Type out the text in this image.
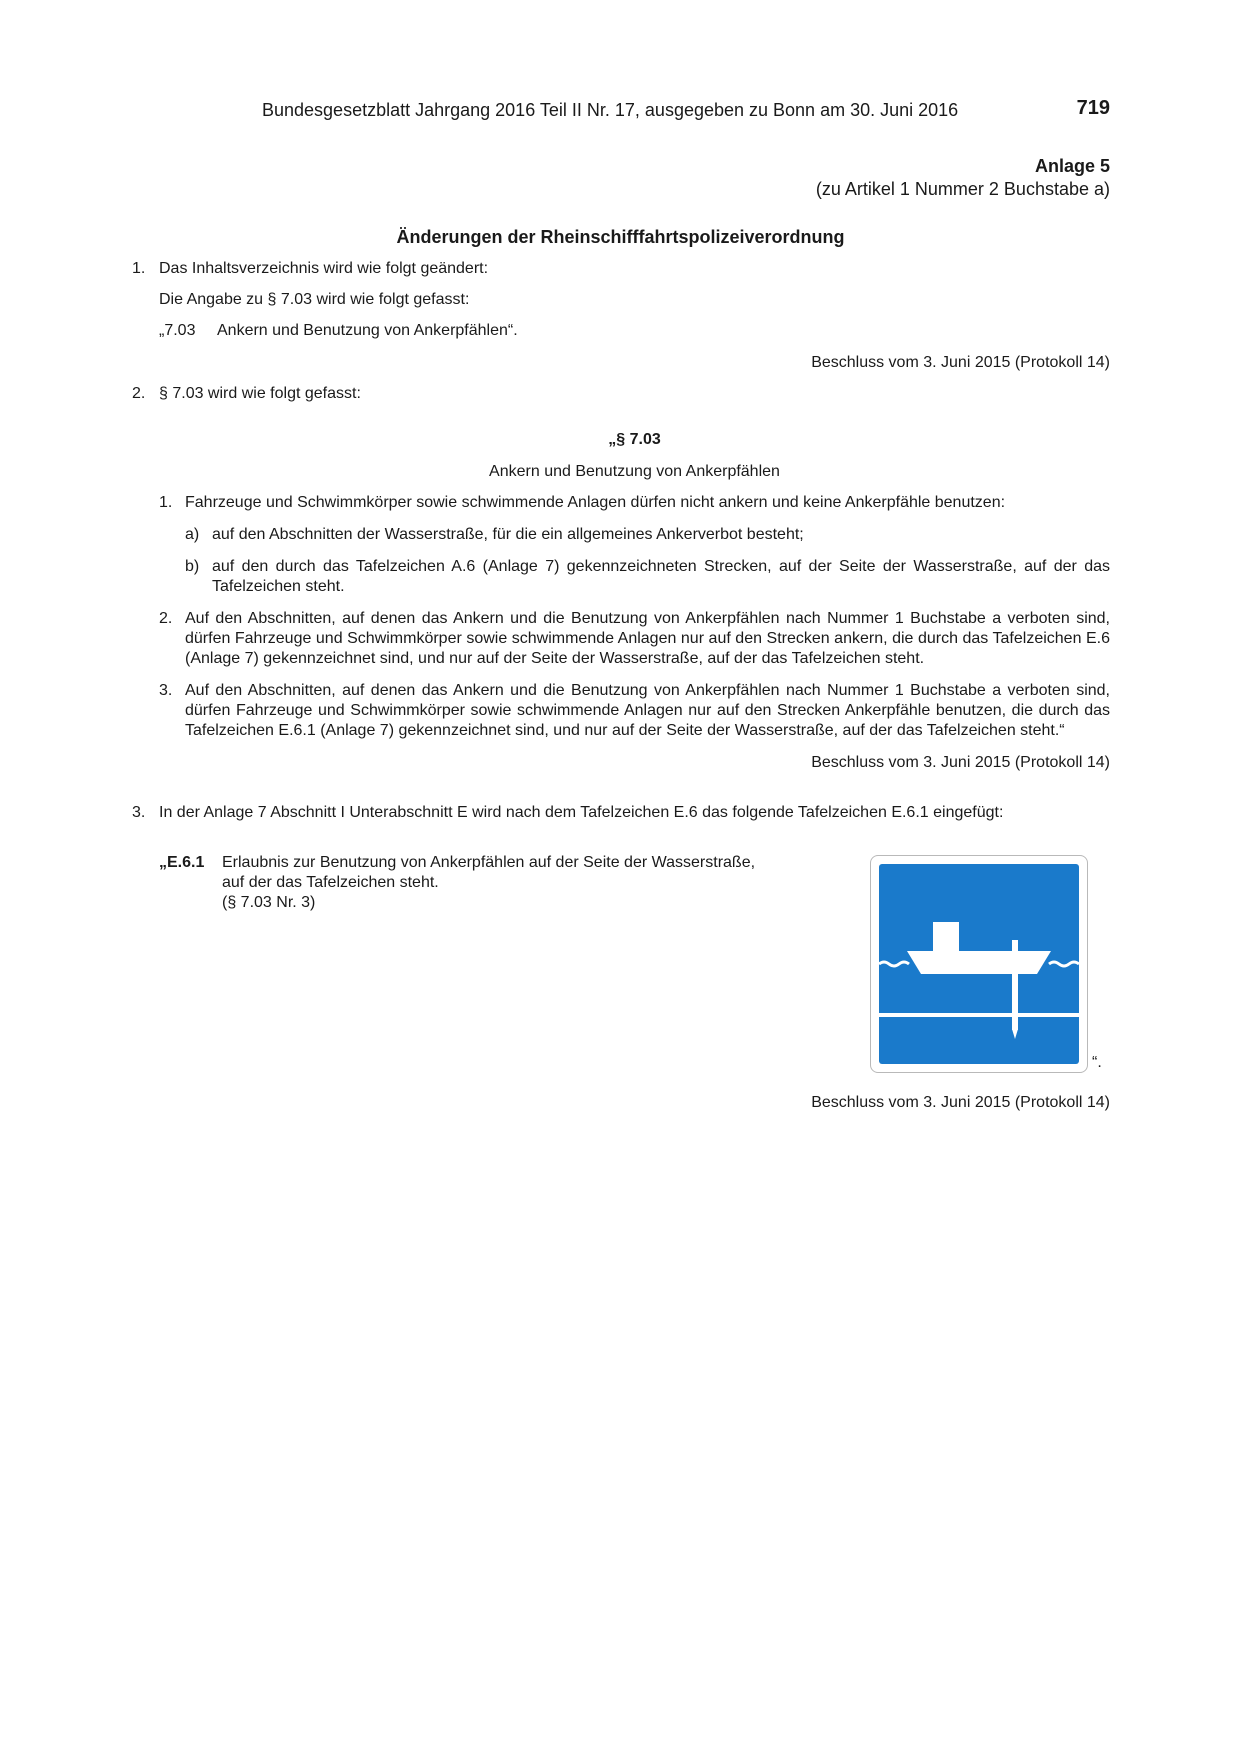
Bundesgesetzblatt Jahrgang 2016 Teil II Nr. 17, ausgegeben zu Bonn am 30. Juni 2016	719
Anlage 5
(zu Artikel 1 Nummer 2 Buchstabe a)
Änderungen der Rheinschifffahrtspolizeiverordnung
1. Das Inhaltsverzeichnis wird wie folgt geändert:
Die Angabe zu § 7.03 wird wie folgt gefasst:
„7.03 Ankern und Benutzung von Ankerpfählen“.
Beschluss vom 3. Juni 2015 (Protokoll 14)
2. § 7.03 wird wie folgt gefasst:
„§ 7.03
Ankern und Benutzung von Ankerpfählen
1. Fahrzeuge und Schwimmkörper sowie schwimmende Anlagen dürfen nicht ankern und keine Ankerpfähle benutzen:
a) auf den Abschnitten der Wasserstraße, für die ein allgemeines Ankerverbot besteht;
b) auf den durch das Tafelzeichen A.6 (Anlage 7) gekennzeichneten Strecken, auf der Seite der Wasserstraße, auf der das Tafelzeichen steht.
2. Auf den Abschnitten, auf denen das Ankern und die Benutzung von Ankerpfählen nach Nummer 1 Buchstabe a verboten sind, dürfen Fahrzeuge und Schwimmkörper sowie schwimmende Anlagen nur auf den Strecken ankern, die durch das Tafelzeichen E.6 (Anlage 7) gekennzeichnet sind, und nur auf der Seite der Wasserstraße, auf der das Tafelzeichen steht.
3. Auf den Abschnitten, auf denen das Ankern und die Benutzung von Ankerpfählen nach Nummer 1 Buchstabe a verboten sind, dürfen Fahrzeuge und Schwimmkörper sowie schwimmende Anlagen nur auf den Strecken Ankerpfähle benutzen, die durch das Tafelzeichen E.6.1 (Anlage 7) gekennzeichnet sind, und nur auf der Seite der Wasserstraße, auf der das Tafelzeichen steht.“
Beschluss vom 3. Juni 2015 (Protokoll 14)
3. In der Anlage 7 Abschnitt I Unterabschnitt E wird nach dem Tafelzeichen E.6 das folgende Tafelzeichen E.6.1 eingefügt:
„E.6.1 Erlaubnis zur Benutzung von Ankerpfählen auf der Seite der Wasserstraße,
auf der das Tafelzeichen steht.
(§ 7.03 Nr. 3)
“.
Beschluss vom 3. Juni 2015 (Protokoll 14)
